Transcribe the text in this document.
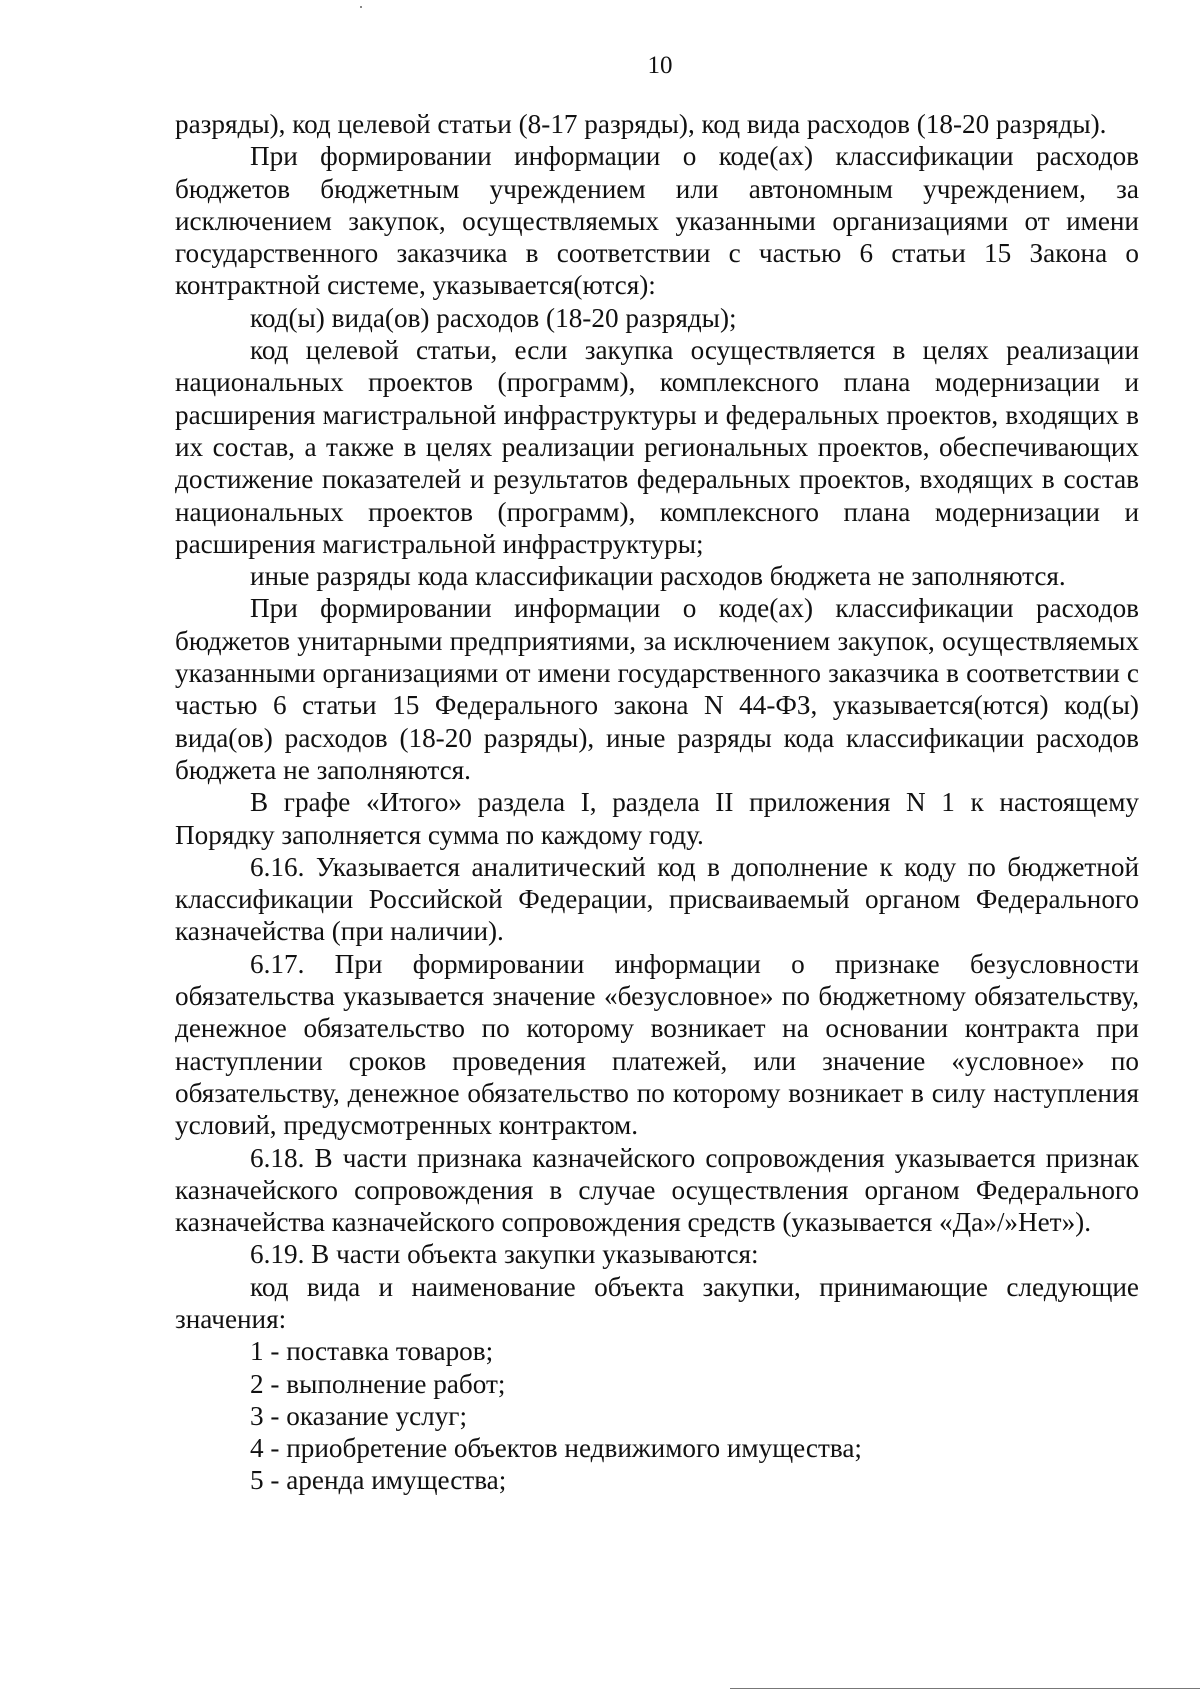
10

разряды), код целевой статьи (8-17 разряды), код вида расходов (18-20 разряды).

При формировании информации о коде(ах) классификации расходов бюджетов бюджетным учреждением или автономным учреждением, за исключением закупок, осуществляемых указанными организациями от имени государственного заказчика в соответствии с частью 6 статьи 15 Закона о контрактной системе, указывается(ются):

код(ы) вида(ов) расходов (18-20 разряды);

код целевой статьи, если закупка осуществляется в целях реализации национальных проектов (программ), комплексного плана модернизации и расширения магистральной инфраструктуры и федеральных проектов, входящих в их состав, а также в целях реализации региональных проектов, обеспечивающих достижение показателей и результатов федеральных проектов, входящих в состав национальных проектов (программ), комплексного плана модернизации и расширения магистральной инфраструктуры;

иные разряды кода классификации расходов бюджета не заполняются.

При формировании информации о коде(ах) классификации расходов бюджетов унитарными предприятиями, за исключением закупок, осуществляемых указанными организациями от имени государственного заказчика в соответствии с частью 6 статьи 15 Федерального закона N 44-ФЗ, указывается(ются) код(ы) вида(ов) расходов (18-20 разряды), иные разряды кода классификации расходов бюджета не заполняются.

В графе «Итого» раздела I, раздела II приложения N 1 к настоящему Порядку заполняется сумма по каждому году.

6.16. Указывается аналитический код в дополнение к коду по бюджетной классификации Российской Федерации, присваиваемый органом Федерального казначейства (при наличии).

6.17. При формировании информации о признаке безусловности обязательства указывается значение «безусловное» по бюджетному обязательству, денежное обязательство по которому возникает на основании контракта при наступлении сроков проведения платежей, или значение «условное» по обязательству, денежное обязательство по которому возникает в силу наступления условий, предусмотренных контрактом.

6.18. В части признака казначейского сопровождения указывается признак казначейского сопровождения в случае осуществления органом Федерального казначейства казначейского сопровождения средств (указывается «Да»/»Нет»).

6.19. В части объекта закупки указываются:

код вида и наименование объекта закупки, принимающие следующие значения:

1 - поставка товаров;

2 - выполнение работ;

3 - оказание услуг;

4 - приобретение объектов недвижимого имущества;

5 - аренда имущества;
